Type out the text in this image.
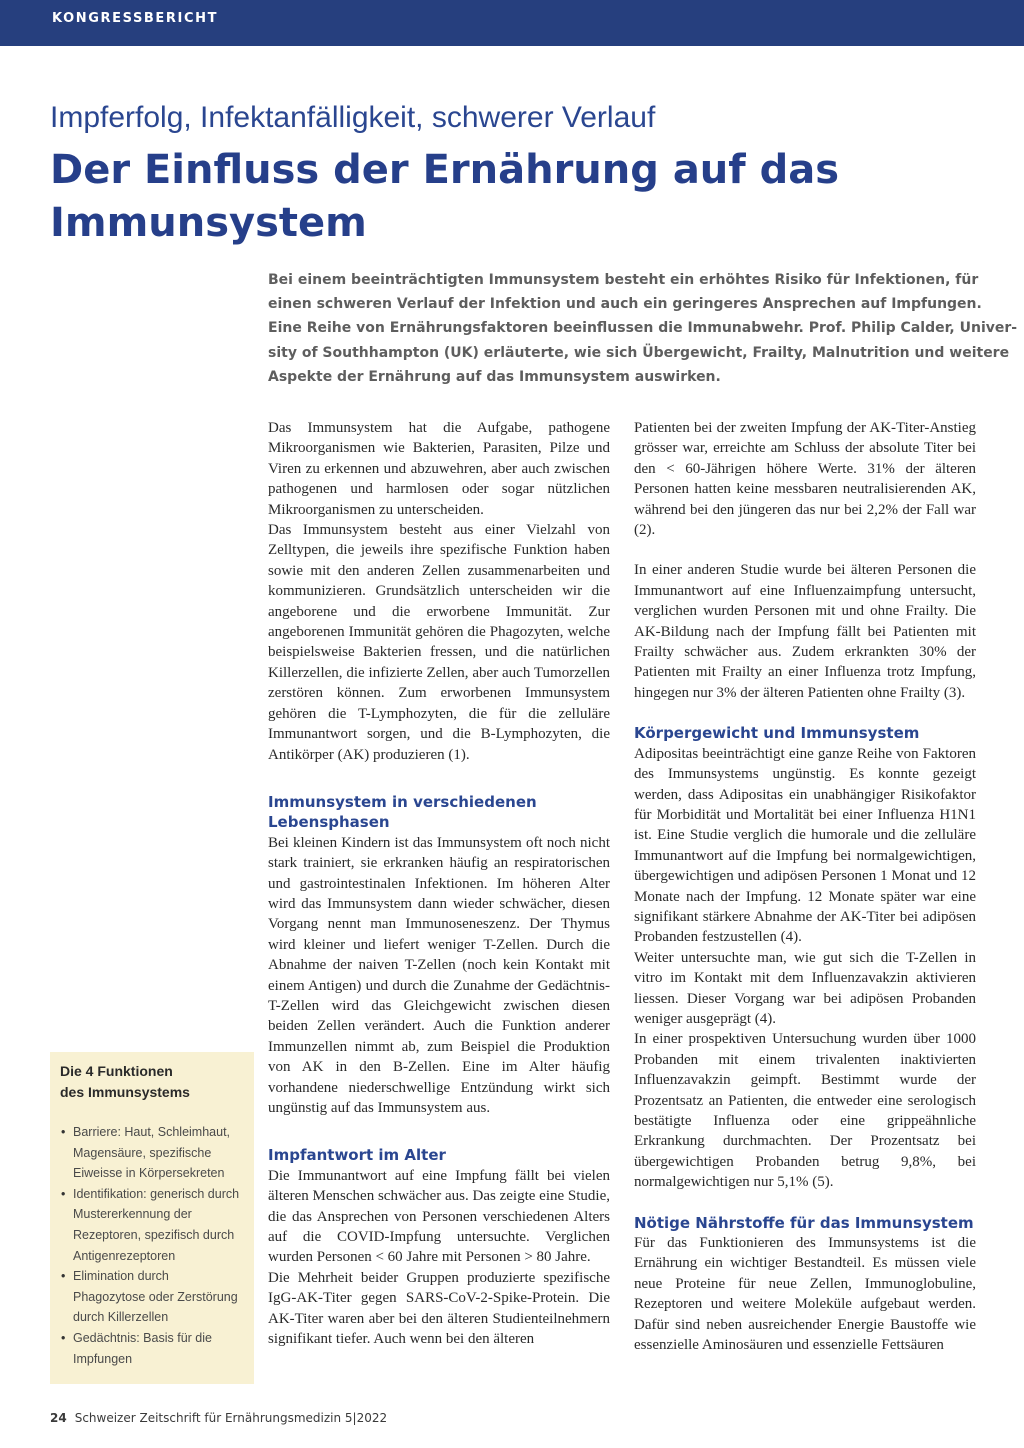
KONGRESSBERICHT
Impferfolg, Infektanfälligkeit, schwerer Verlauf
Der Einfluss der Ernährung auf das
Immunsystem
Bei einem beeinträchtigten Immunsystem besteht ein erhöhtes Risiko für Infektionen, für
einen schweren Verlauf der Infektion und auch ein geringeres Ansprechen auf Impfungen.
Eine Reihe von Ernährungsfaktoren beeinflussen die Immunabwehr. Prof. Philip Calder, Univer-
sity of Southhampton (UK) erläuterte, wie sich Übergewicht, Frailty, Malnutrition und weitere
Aspekte der Ernährung auf das Immunsystem auswirken.

Das Immunsystem hat die Aufgabe, pathogene Mikroorganismen wie Bakterien, Parasiten, Pilze und Viren zu erkennen und abzuwehren, aber auch zwischen pathogenen und harmlosen oder sogar nützlichen Mikroorganismen zu unterscheiden.

Das Immunsystem besteht aus einer Vielzahl von Zelltypen, die jeweils ihre spezifische Funktion haben sowie mit den anderen Zellen zusammenarbeiten und kommunizieren. Grundsätzlich unterscheiden wir die angeborene und die erworbene Immunität. Zur angeborenen Immunität gehören die Phagozyten, welche beispielsweise Bakterien fressen, und die natürlichen Killerzellen, die infizierte Zellen, aber auch Tumorzellen zerstören können. Zum erworbenen Immunsystem gehören die T-Lymphozyten, die für die zelluläre Immunantwort sorgen, und die B-Lymphozyten, die Antikörper (AK) produzieren (1).

Immunsystem in verschiedenen
Lebensphasen

Bei kleinen Kindern ist das Immunsystem oft noch nicht stark trainiert, sie erkranken häufig an respiratorischen und gastrointestinalen Infektionen. Im höheren Alter wird das Immunsystem dann wieder schwächer, diesen Vorgang nennt man Immunoseneszenz. Der Thymus wird kleiner und liefert weniger T-Zellen. Durch die Abnahme der naiven T-Zellen (noch kein Kontakt mit einem Antigen) und durch die Zunahme der Gedächtnis-T-Zellen wird das Gleichgewicht zwischen diesen beiden Zellen verändert. Auch die Funktion anderer Immunzellen nimmt ab, zum Beispiel die Produktion von AK in den B-Zellen. Eine im Alter häufig vorhandene niederschwellige Entzündung wirkt sich ungünstig auf das Immunsystem aus.

Impfantwort im Alter

Die Immunantwort auf eine Impfung fällt bei vielen älteren Menschen schwächer aus. Das zeigte eine Studie, die das Ansprechen von Personen verschiedenen Alters auf die COVID-Impfung untersuchte. Verglichen wurden Personen < 60 Jahre mit Personen > 80 Jahre.

Die Mehrheit beider Gruppen produzierte spezifische IgG-AK-Titer gegen SARS-CoV-2-Spike-Protein. Die AK-Titer waren aber bei den älteren Studienteilnehmern signifikant tiefer. Auch wenn bei den älteren

Patienten bei der zweiten Impfung der AK-Titer-Anstieg grösser war, erreichte am Schluss der absolute Titer bei den < 60-Jährigen höhere Werte. 31% der älteren Personen hatten keine messbaren neutralisierenden AK, während bei den jüngeren das nur bei 2,2% der Fall war (2).

In einer anderen Studie wurde bei älteren Personen die Immunantwort auf eine Influenzaimpfung untersucht, verglichen wurden Personen mit und ohne Frailty. Die AK-Bildung nach der Impfung fällt bei Patienten mit Frailty schwächer aus. Zudem erkrankten 30% der Patienten mit Frailty an einer Influenza trotz Impfung, hingegen nur 3% der älteren Patienten ohne Frailty (3).

Körpergewicht und Immunsystem

Adipositas beeinträchtigt eine ganze Reihe von Faktoren des Immunsystems ungünstig. Es konnte gezeigt werden, dass Adipositas ein unabhängiger Risikofaktor für Morbidität und Mortalität bei einer Influenza H1N1 ist. Eine Studie verglich die humorale und die zelluläre Immunantwort auf die Impfung bei normalgewichtigen, übergewichtigen und adipösen Personen 1 Monat und 12 Monate nach der Impfung. 12 Monate später war eine signifikant stärkere Abnahme der AK-Titer bei adipösen Probanden festzustellen (4).

Weiter untersuchte man, wie gut sich die T-Zellen in vitro im Kontakt mit dem Influenzavakzin aktivieren liessen. Dieser Vorgang war bei adipösen Probanden weniger ausgeprägt (4).

In einer prospektiven Untersuchung wurden über 1000 Probanden mit einem trivalenten inaktivierten Influenzavakzin geimpft. Bestimmt wurde der Prozentsatz an Patienten, die entweder eine serologisch bestätigte Influenza oder eine grippeähnliche Erkrankung durchmachten. Der Prozentsatz bei übergewichtigen Probanden betrug 9,8%, bei normalgewichtigen nur 5,1% (5).

Nötige Nährstoffe für das Immunsystem

Für das Funktionieren des Immunsystems ist die Ernährung ein wichtiger Bestandteil. Es müssen viele neue Proteine für neue Zellen, Immunoglobuline, Rezeptoren und weitere Moleküle aufgebaut werden. Dafür sind neben ausreichender Energie Baustoffe wie essenzielle Aminosäuren und essenzielle Fettsäuren

Die 4 Funktionen
des Immunsystems
• Barriere: Haut, Schleimhaut, Magensäure, spezifische Eiweisse in Körpersekreten
• Identifikation: generisch durch Mustererkennung der Rezeptoren, spezifisch durch Antigenrezeptoren
• Elimination durch Phagozytose oder Zerstörung durch Killerzellen
• Gedächtnis: Basis für die Impfungen
24 Schweizer Zeitschrift für Ernährungsmedizin 5|2022
